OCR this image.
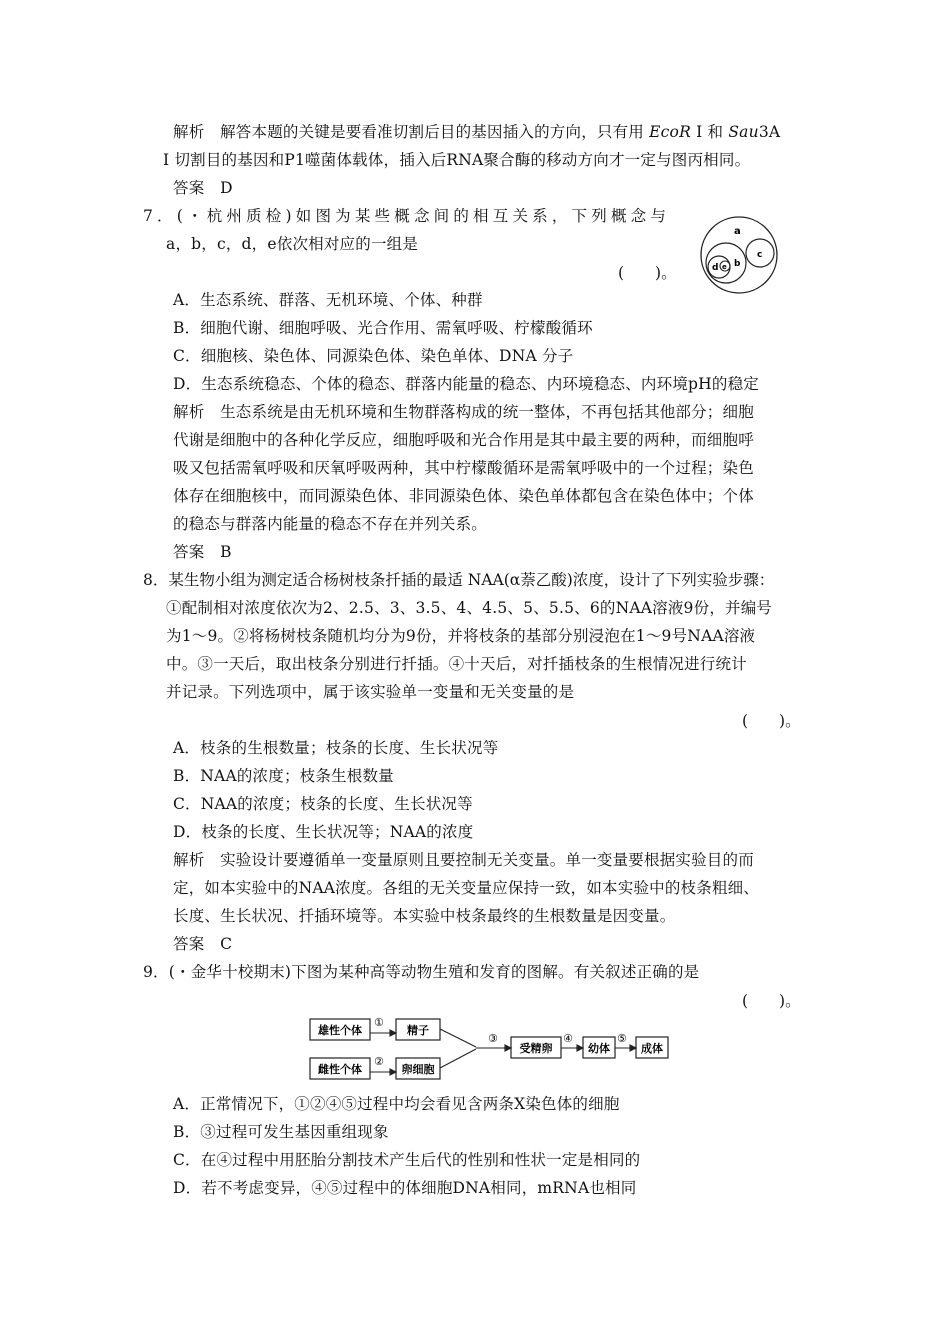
解析　解答本题的关键是要看准切割后目的基因插入的方向，只有用 EcoR Ⅰ 和 Sau3A
Ⅰ 切割目的基因和P1噬菌体载体，插入后RNA聚合酶的移动方向才一定与图丙相同。
答案　D
7．(・杭州质检)如图为某些概念间的相互关系，下列概念与
a，b，c，d，e依次相对应的一组是
(　　)。
a
b
c
d e
A．生态系统、群落、无机环境、个体、种群
B．细胞代谢、细胞呼吸、光合作用、需氧呼吸、柠檬酸循环
C．细胞核、染色体、同源染色体、染色单体、DNA 分子
D．生态系统稳态、个体的稳态、群落内能量的稳态、内环境稳态、内环境pH的稳定
解析　生态系统是由无机环境和生物群落构成的统一整体，不再包括其他部分；细胞
代谢是细胞中的各种化学反应，细胞呼吸和光合作用是其中最主要的两种，而细胞呼
吸又包括需氧呼吸和厌氧呼吸两种，其中柠檬酸循环是需氧呼吸中的一个过程；染色
体存在细胞核中，而同源染色体、非同源染色体、染色单体都包含在染色体中；个体
的稳态与群落内能量的稳态不存在并列关系。
答案　B
8．某生物小组为测定适合杨树枝条扦插的最适 NAA(α萘乙酸)浓度，设计了下列实验步骤：
①配制相对浓度依次为2、2.5、3、3.5、4、4.5、5、5.5、6的NAA溶液9份，并编号
为1～9。②将杨树枝条随机均分为9份，并将枝条的基部分别浸泡在1～9号NAA溶液
中。③一天后，取出枝条分别进行扦插。④十天后，对扦插枝条的生根情况进行统计
并记录。下列选项中，属于该实验单一变量和无关变量的是
(　　)。
A．枝条的生根数量；枝条的长度、生长状况等
B．NAA的浓度；枝条生根数量
C．NAA的浓度；枝条的长度、生长状况等
D．枝条的长度、生长状况等；NAA的浓度
解析　实验设计要遵循单一变量原则且要控制无关变量。单一变量要根据实验目的而
定，如本实验中的NAA浓度。各组的无关变量应保持一致，如本实验中的枝条粗细、
长度、生长状况、扦插环境等。本实验中枝条最终的生根数量是因变量。
答案　C
9．(・金华十校期末)下图为某种高等动物生殖和发育的图解。有关叙述正确的是
(　　)。
雄性个体
雌性个体
精子
卵细胞
受精卵	幼体	成体
①
②
③	④	⑤
A．正常情况下，①②④⑤过程中均会看见含两条X染色体的细胞
B．③过程可发生基因重组现象
C．在④过程中用胚胎分割技术产生后代的性别和性状一定是相同的
D．若不考虑变异，④⑤过程中的体细胞DNA相同，mRNA也相同
